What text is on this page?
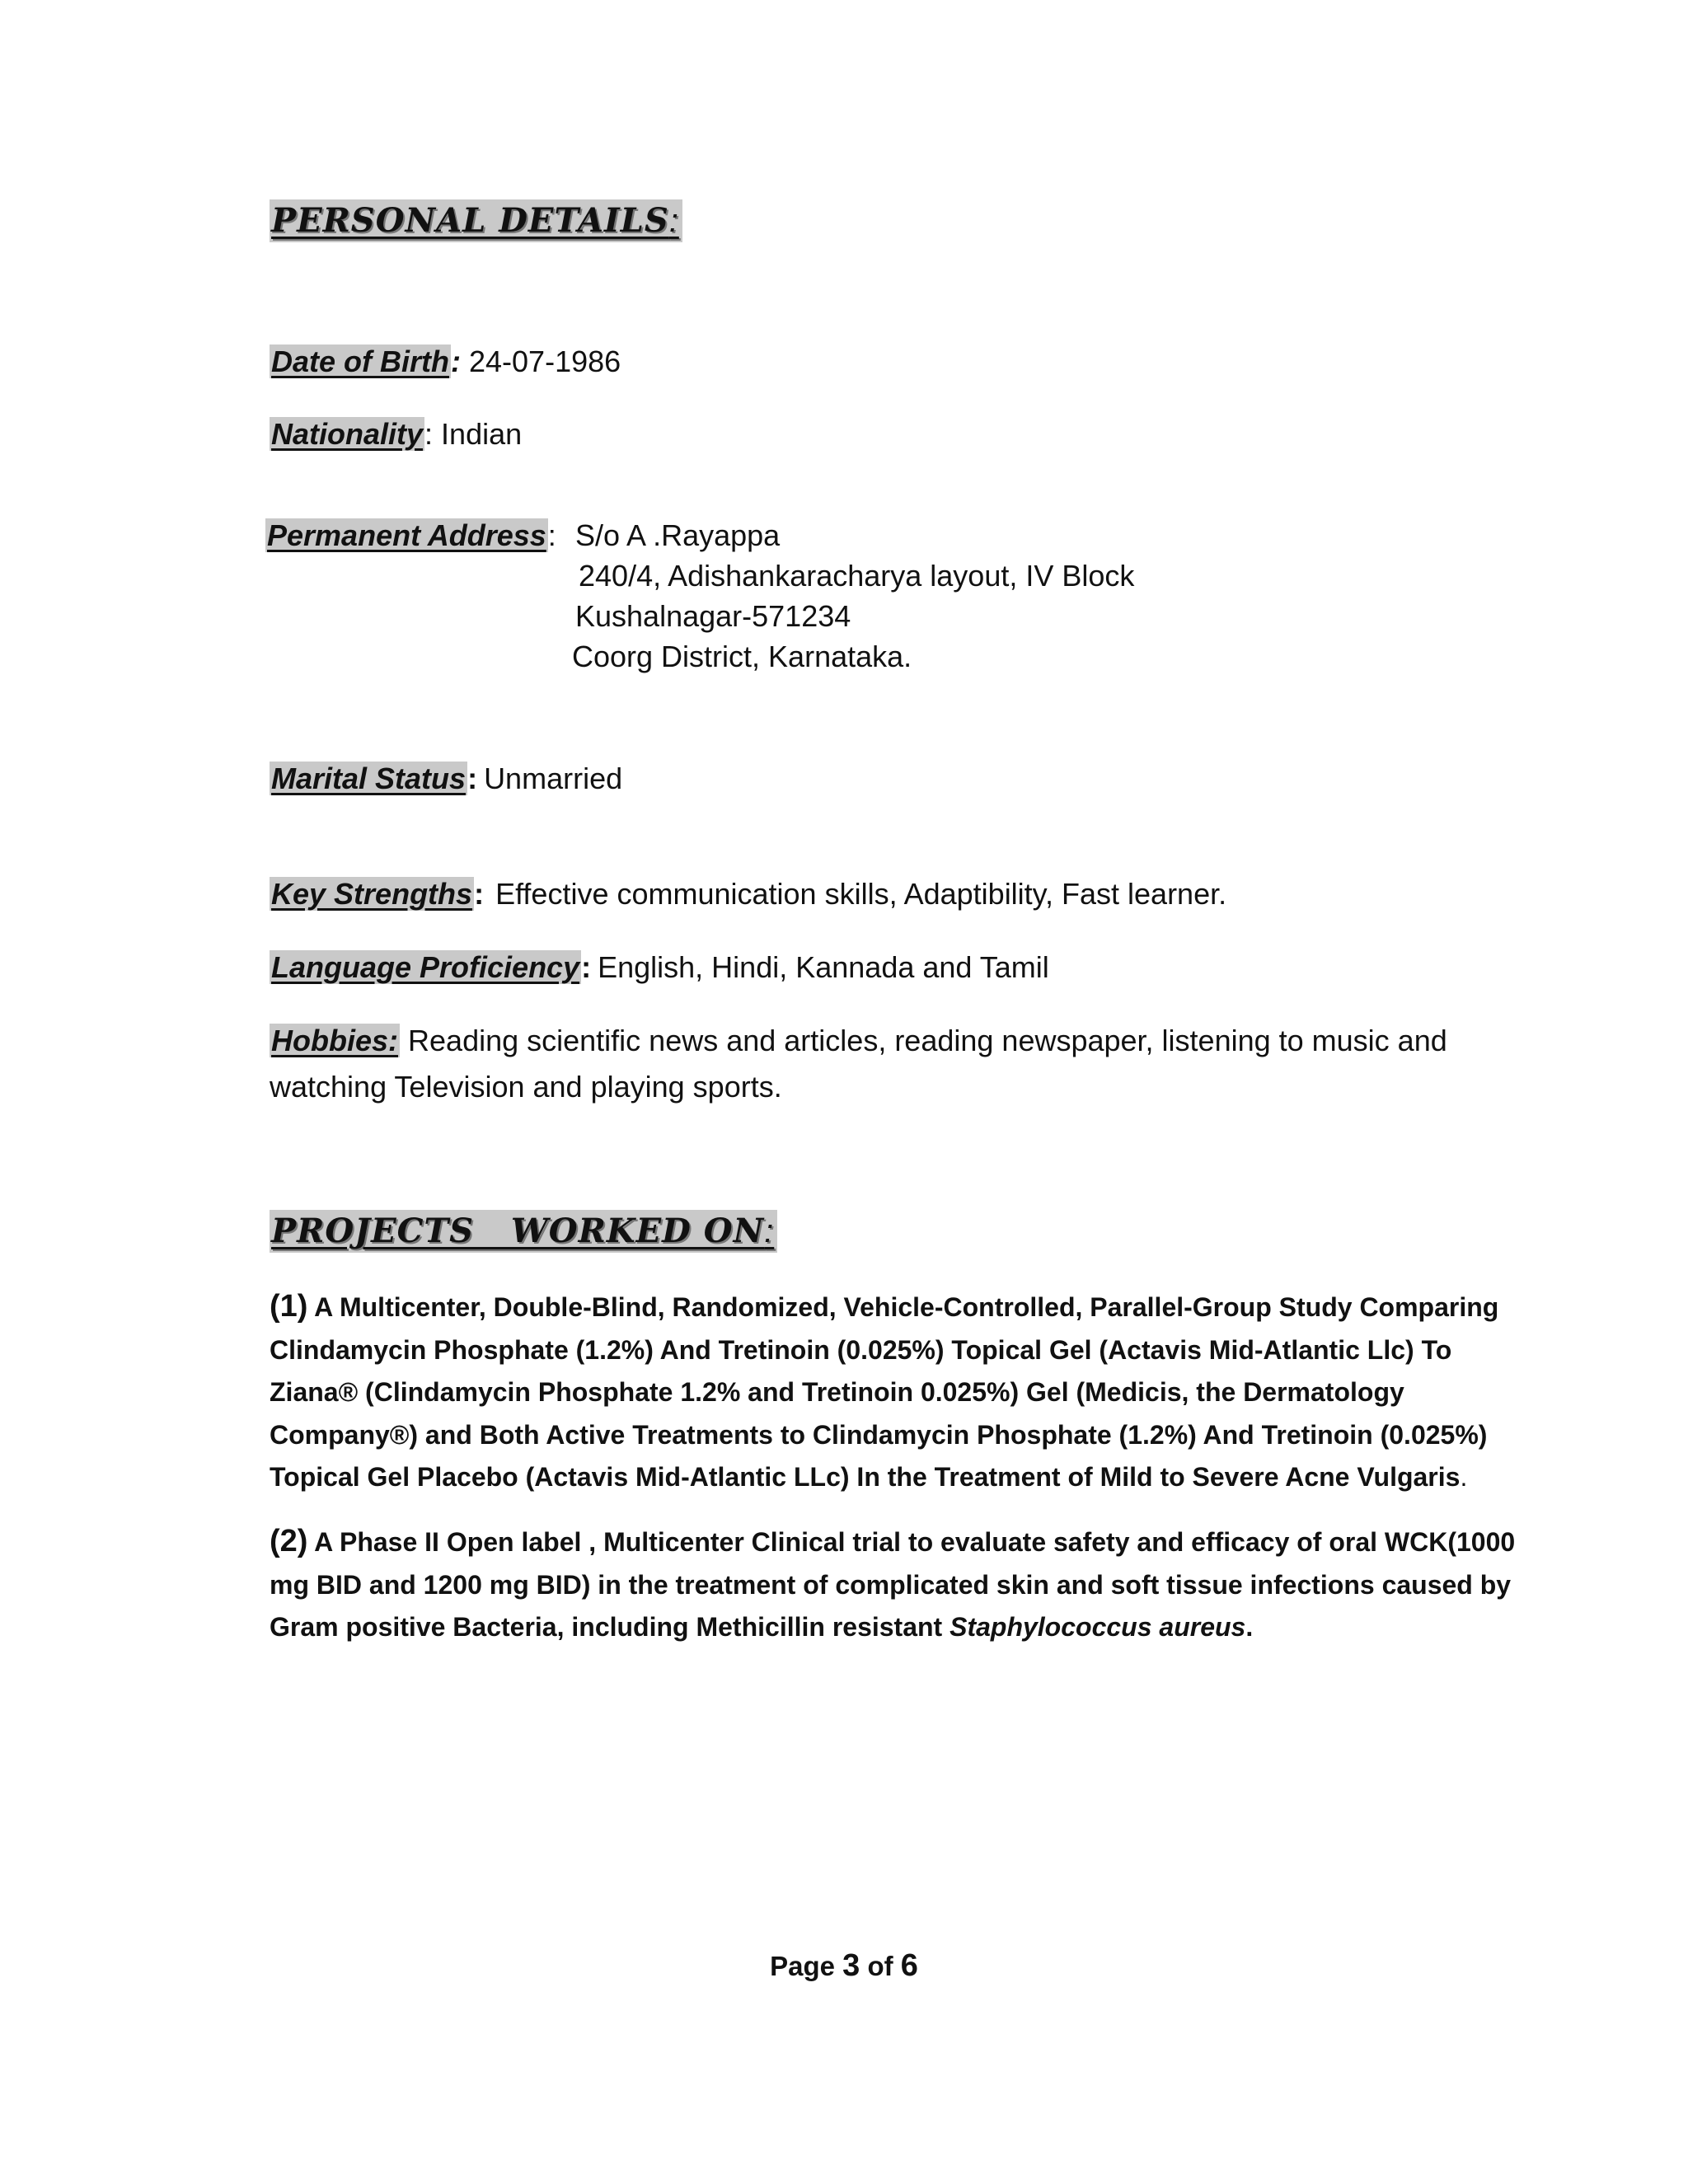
PERSONAL DETAILS:

Date of Birth: 24-07-1986

Nationality: Indian

Permanent Address: S/o A .Rayappa
240/4, Adishankaracharya layout, IV Block
Kushalnagar-571234
Coorg District, Karnataka.

Marital Status: Unmarried

Key Strengths: Effective communication skills, Adaptibility, Fast learner.

Language Proficiency: English, Hindi, Kannada and Tamil

Hobbies: Reading scientific news and articles, reading newspaper, listening to music and watching Television and playing sports.

PROJECTS   WORKED ON:

(1) A Multicenter, Double-Blind, Randomized, Vehicle-Controlled, Parallel-Group Study Comparing Clindamycin Phosphate (1.2%) And Tretinoin (0.025%) Topical Gel (Actavis Mid-Atlantic Llc) To Ziana® (Clindamycin Phosphate 1.2% and Tretinoin 0.025%) Gel (Medicis, the Dermatology Company®) and Both Active Treatments to Clindamycin Phosphate (1.2%) And Tretinoin (0.025%) Topical Gel Placebo (Actavis Mid-Atlantic LLc) In the Treatment of Mild to Severe Acne Vulgaris.

(2) A Phase II Open label , Multicenter Clinical trial to evaluate safety and efficacy of oral WCK(1000 mg BID and 1200 mg BID) in the treatment of complicated skin and soft tissue infections caused by Gram positive Bacteria, including Methicillin resistant Staphylococcus aureus.

Page 3 of 6
